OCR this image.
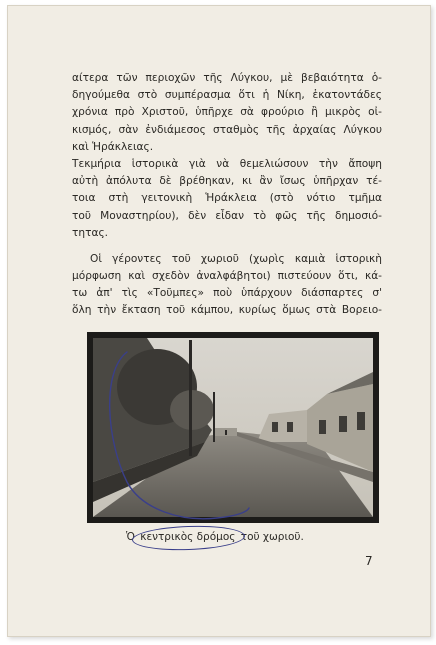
αίτερα τῶν περιοχῶν τῆς Λύγκου, μὲ βεβαιότητα ὁ-
δηγούμεθα στὸ συμπέρασμα ὅτι ἡ Νίκη, ἑκατοντάδες
χρόνια πρὸ Χριστοῦ, ὑπῆρχε σὰ φρούριο ἢ μικρὸς οἰ-
κισμός, σὰν ἐνδιάμεσος σταθμὸς τῆς ἀρχαίας Λύγκου
καὶ Ἡράκλειας.
Τεκμήρια ἱστορικὰ γιὰ νὰ θεμελιώσουν τὴν ἄποψη
αὐτὴ ἀπόλυτα δὲ βρέθηκαν, κι ἂν ἴσως ὑπῆρχαν τέ-
τοια στὴ γειτονικὴ Ἡράκλεια (στὸ νότιο τμῆμα
τοῦ Μοναστηρίου), δὲν εἶδαν τὸ φῶς τῆς δημοσιό-
τητας.
Οἱ γέροντες τοῦ χωριοῦ (χωρὶς καμιὰ ἱστορικὴ
μόρφωση καὶ σχεδὸν ἀναλφάβητοι) πιστεύουν ὅτι, κά-
τω ἀπ' τὶς «Τοῦμπες» ποὺ ὑπάρχουν διάσπαρτες σ'
ὅλη τὴν ἔκταση τοῦ κάμπου, κυρίως ὅμως στὰ Βορειο-
Ὁ κεντρικὸς δρόμος τοῦ χωριοῦ.
7
